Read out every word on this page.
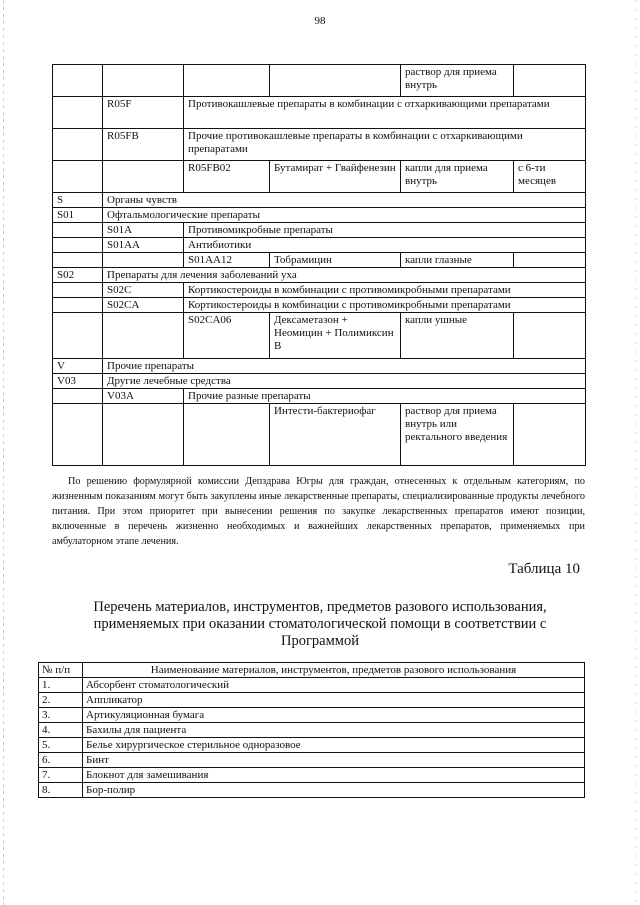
98
				раствор для приема внутрь	
	R05F	Противокашлевые препараты в комбинации с отхаркивающими препаратами			
	R05FB	Прочие противокашлевые препараты в комбинации с отхаркивающими препаратами			
		R05FB02	Бутамират + Гвайфенезин	капли для приема внутрь	с 6-ти месяцев
S	Органы чувств				
S01	Офтальмологические препараты				
	S01A	Противомикробные препараты			
	S01AA	Антибиотики			
		S01AA12	Тобрамицин	капли глазные	
S02	Препараты для лечения заболеваний уха				
	S02C	Кортикостероиды в комбинации с противомикробными препаратами			
	S02CA	Кортикостероиды в комбинации с противомикробными препаратами			
		S02CA06	Дексаметазон + Неомицин + Полимиксин В	капли ушные	
V	Прочие препараты				
V03	Другие лечебные средства				
	V03A	Прочие разные препараты			
			Интести-бактериофаг	раствор для приема внутрь или ректального введения	
По решению формулярной комиссии Депздрава Югры для граждан, отнесенных к отдельным категориям, по жизненным показаниям могут быть закуплены иные лекарственные препараты, специализированные продукты лечебного питания. При этом приоритет при вынесении решения по закупке лекарственных препаратов имеют позиции, включенные в перечень жизненно необходимых и важнейших лекарственных препаратов, применяемых при амбулаторном этапе лечения.
Таблица 10
Перечень материалов, инструментов, предметов разового использования, применяемых при оказании стоматологической помощи в соответствии с Программой
№ п/п	Наименование материалов, инструментов, предметов разового использования
1.	Абсорбент стоматологический
2.	Аппликатор
3.	Артикуляционная бумага
4.	Бахилы для пациента
5.	Белье хирургическое стерильное одноразовое
6.	Бинт
7.	Блокнот для замешивания
8.	Бор-полир
